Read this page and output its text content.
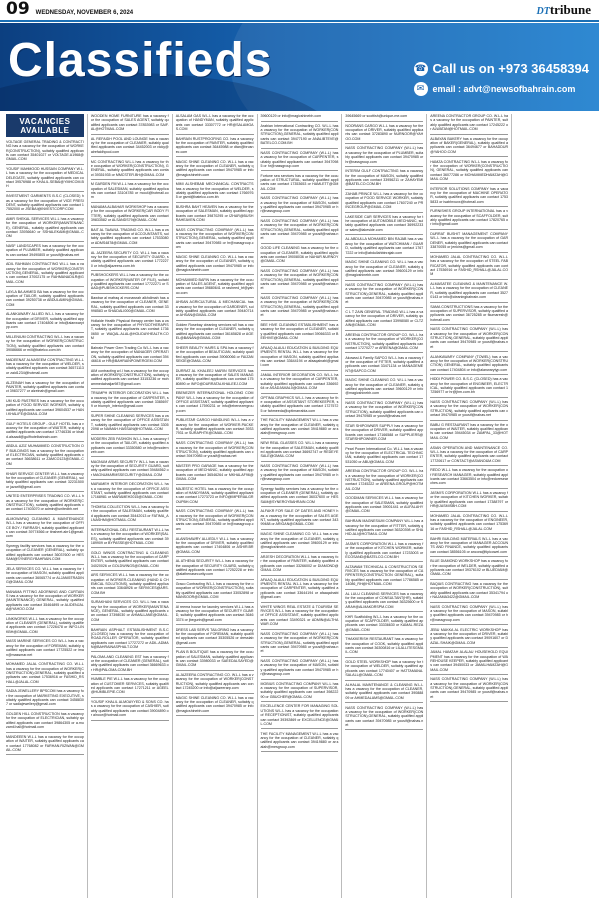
09 WEDNESDAY, NOVEMBER 6, 2024	DTtribune
Classifieds	☎ Call us on +973 36458394
✉ email : advt@newsofbahrain.com
VACANCIES
AVAILABLE

VOLTAGE GENERAL TRADING & CONTRACTING has a vacancy for the occupation of WORKER(CONSTRUCTION), suitably qualified applicants can contact 35401027 or VOLTAGE.A1968@GMAIL.COM

YOUSIF MAHMOOD HUSSAIN COMPANY W.L.L has a vacancy for the occupation of MEDICAL DELEGATE, suitably qualified applicants can contact 39576988 or KHALIL.SEBAI@YMHCOM.BH

INVESTMENT GARMENTS B.S.C (CLOSED) has a vacancy for the occupation of VICE PRESIDENT, suitably qualified applicants can contact 17552000 or JSEBAI@INVESTCORP.COM

AMIR SHEKAL SERVICES W.L.L has a vacancy for the occupation of WORKER(MAINTENANCE), GENERAL, suitably qualified applicants can contact 33936640 or SSHALEKAMI@GMAIL.COM

NASF LANDSCAPES has a vacancy for the occupation of PLUMBER, suitably qualified applicants can contact 39490805 or yousif@nahas.net

ADIL RAHMAN CONTRACTING W.L.L has a vacancy for the occupation of WORKER(CONSTRUCTION),GENERAL, suitably qualified applicants can contact 37002175 or RAHMANADILR@GMAIL.COM

LAYLA BA AHMED BA has a vacancy for the occupation of TAILOR, suitably qualified applicants can contact 39250738 or ABDULAMIN@GMAIL.COM

ALANKAWARY ALLIED W.L.L has a vacancy for the occupation of DRIVER, suitably qualified applicants can contact 17404806 or info@alanwarytyp.com

MILLENIUM CONTRACTING W.L.L has a vacancy for the occupation of WORKER(CONSTRUCTION), suitably qualified applicants can contact 39086666 or mill@batelco.com.bh

MADEENAT ALNASEEM CONTRACTING W.L.L has a vacancy for the occupation of WELDER, suitably qualified applicants can contact 36571113 or zaid1234@hotmail.com

ALZEINAH has a vacancy for the occupation of PAINTER, suitably qualified applicants can contact 39837277 or alzeinah@gmail.com

UM KUD PASTRIES has a vacancy for the occupation of FOOD SERVICE WORKER, suitably qualified applicants can contact 39604537 or HANI.KHALIFE@GMAIL.COM

GULF HOTELS GROUP - GULF HOTEL has a vacancy for the occupation of WAITER, suitably qualified applicants can contact 17746336 or khalid.alsaadi@gulfhotelbahrain.com

ABDUL AZIZ MUHAMMED CONSTRUCTION OF BUILDINGS has a vacancy for the occupation of ELECTRICIAN, suitably qualified applicants can contact 36638611 or ZAMCO123@GMAIL.COM

KHAIR SERVICE CENTER W.L.L has a vacancy for the occupation of CLEANER (GENERAL), suitably qualified applicants can contact 32231500 or jazarifi@gmail.com

UNITED ENTERPRISES TRADING CO. W.L.L has a vacancy for the occupation of WORKER(CONSTRUCTION), suitably qualified applicants can contact 17403070 or admin@unitedbh.net

ALMOWAFAQ CLEANING & MAINTENANCE W.L.L has a vacancy for the occupation of OFFICE BOY / FARRASH, suitably qualified applicants can contact 39774566 or tinsheet.alrr1@gmail.com

Synergy facility services has a vacancy for the occupation of CLEANER (GENERAL), suitably qualified applicants can contact 36037600 or HESSAM@SYNERGYBAHRAIN.COM

JELA SERVICES CO. W.L.L has a vacancy for the occupation of MASON, suitably qualified applicants can contact 36065774 or ALJANI5TRADING@GMAIL.COM

MANAMA FITTING ADORNING AND CURTAINS has a vacancy for the occupation of WORKER(MAINTENANCE) GENERAL, suitably qualified applicants can contact 35464895 or ALIDENJALA@YAHOO.COM

LINKWORKS W.L.L has a vacancy for the occupation of CLEANER (GENERAL), suitably qualified applicants can contact 17226478 or INFO.LINKBH@GMAIL.COM

MASS MARINE SERVICES CO W.L.L has a vacancy for the occupation of FOREMAN, suitably qualified applicants can contact 17725522 or iman@massmar.net

MOHAMED JALAL CONTRACTING CO. W.L.L has a vacancy for the occupation of WORKER(CONSTRUCTION),GENERAL, suitably qualified applicants can contact 17536916 or FASHID_RSHALL@JALAL.COM

SADIA JEWELLERY BPSCOM has a vacancy for the occupation of MARKETING EXECUTIVE, suitably qualified applicants can contact 34588307 or sadiajewellery@gmail.com

GOLDEN HILL CONSTRUCTION has a vacancy for the occupation of ELECTRICIAN, suitably qualified applicants can contact 39864305 or a.muzamil.hall@hotmail.com

MANDEEEN W.L.L has a vacancy for the occupation of WAITER, suitably qualified applicants can contact 17768082 or FARHAN.RIZWAN@GMAIL.COM

WOODEN HOME FURNITURE has a vacancy for the occupation of SALES AGENT, suitably qualified applicants can contact 37853983 or SAIF.AL@HOTMAIL.COM

AL REFAIDH POOL AND LOUNGE has a vacancy for the occupation of CLEANER, suitably qualified applicants can contact 34452003 or vicky@alrefaidhpool.com

MC CONTRACTING W.L.L has a vacancy for the occupation of WORKER(CONSTRUCTION), GENERAL, suitably qualified applicants can contact 39351935 or MMCSTER.BH@GMAIL.COM

M GARDEN FM W.L.L has a vacancy for the occupation of SALESMAN, suitably qualified applicants can contact 33104785 or moo4@hotmail.com

MANAMA ALBAHAR WORKSHOP has a vacancy for the occupation of WORKER(CAR BODY FITTER), suitably qualified applicants can contact 39833582 or ALSANDS79@GMAIL.COM

BAIT AL TAAWUL TRADING CO. W.L.L has a vacancy for the occupation of ACCOUNTANTS, suitably qualified applicants can contact 17533080 or ADMS4878@GMAIL.COM

AL JAZEERA SECURITY CO. W.L.L has a vacancy for the occupation of SECURITY GUARD, suitably qualified applicants can contact 17722270 or info@aljazeera.com.bh

PUBSHOCKERS W.L.L has a vacancy for the occupation of WORKER(WATER OF FILE), suitably qualified applicants can contact 17722271 or SAAD@PUBSHOCKERS.COM

Bawbar al mafraq al monawrah alkhdimah has a vacancy for the occupation of CLEANER, GENERAL, suitably qualified applicants can contact 33998583 or SHAIDALI000@GMAIL.COM

Hollaide Health Physical therapy center has a vacancy for the occupation of PHYSIOTHERAPIST, suitably qualified applicants can contact 17360650 or WAQAL.ALAL@HOLIDAYHEALTH.COM

Bahrain Power Gem Trading Co W.L.L has a vacancy for the occupation of MANAGER OPERATION, suitably qualified applicants can contact 39446616 or HR@BAHRAINPOWERGEM.COM

AIM contracting w.l.l has a vacancy for the occupation of WORKER(CONSTRUCTION), suitably qualified applicants can contact 33153236 or mohammedalnaijar987@gmail.com

TRIUMPH INTERIOR DECORATION W.L.L has a vacancy for the occupation of CARPENTER, suitably qualified applicants can contact 33656979 or triumph_interior@gmail.com

SUPER SHINE CLEANING SERVICES has a vacancy for the occupation of OFFICE ASSISTANT, suitably qualified applicants can contact 33052098 or NAIMAH.HASSAN@HOTMAIL.COM

MODERN ZEB FASHION W.L.L has a vacancy for the occupation of TAILOR, suitably qualified applicants can contact 33350580 or info@modernzeb.com

MAGNUM ARMS SECURITY W.L.L has a vacancy for the occupation of SECURITY GUARD, suitably qualified applicants can contact 39484562 or MAGNUMARMSSECURITY@GMAIL.COM

MARAMEH INTERIOR DECORATION W.L.L has a vacancy for the occupation of OFFICE ASSISTANT, suitably qualified applicants can contact 17168981 or MARAMEH2015@GMAIL.COM

THOMSA COLLECTION W.L.L has a vacancy for the occupation of SALESMAN, suitably qualified applicants can contact 35442013 or FATIMA_ALNASHMI@HOTMAIL.COM

INTERNATIONAL DELI RESTAURANT W.L.L has a vacancy for the occupation of WORKER(SALES), suitably qualified applicants can contact 39189909 or BYPASSE@HOTMAIL.COM

GOLD WINGS CONTRACTING & CLEANING W.L.L has a vacancy for the occupation of CARPENTER, suitably qualified applicants can contact 34020026 or GOLDWINGS@GMAIL.COM

ARS SERVICES W.L.L has a vacancy for the occupation of WORKER-CLEANING (HAND & CHEMICAL SOLUTIONS), suitably qualified applicants can contact 33648926 or SERVICES@ARS.COM.BH

SURAKHANI SERVICES CO. W.L.L has a vacancy for the occupation of WORKER(MAINTENANCE), GENERAL, suitably qualified applicants can contact 37398030 or AHMALLANE@GMAIL.COM

BAHRAIN ASPHALT ESTABLISHMENT B.S.C (CLOSED) has a vacancy for the occupation of ROAD-ROLLER OPERATOR, suitably qualified applicants can contact 17727272 or ADIL.ADMAN@BAHRAINASPHALT.COM

PALOMA AND CLEANING EST has a vacancy for the occupation of CLEANER (GENERAL), suitably qualified applicants can contact 36669633 or HR@PALOMA.COM.BH

HUMBLE PIE W.L.L has a vacancy for the occupation of CUSTOMER SERVICES, suitably qualified applicants can contact 17271211 or AGEEL@HUMBLEPIE.COM

YOUSIF KHALIL ALMOAYYED & SONS CO. has a vacancy for the occupation of CASHIER, suitably qualified applicants can contact 39004890 or alnoor@hotmail.com

ALSALAM GAS W.L.L has a vacancy for the occupation of HANDYMAN, suitably qualified applicants can contact 33307772 or HR@SALAMGAS.COM

BAHRAIN RUSTPROOFING CO. has a vacancy for the occupation of PAINTER, suitably qualified applicants can contact 36445988 or dtan@brusnec.com

MAGIC SHINE CLEANING CO. W.L.L has a vacancy for the occupation of CLEANER, suitably qualified applicants can contact 39470985 or info@magicshinebh.com

MIMI ALSHEBAB MECHANICAL CONTRACTS has a vacancy for the occupation of WELDER, suitably qualified applicants can contact 17669765 or gsmt@batelco.com.bh

BUSHRA BAHT HEAVEN has a vacancy for the occupation of SALESMAN, suitably qualified applicants can contact 39870295 or IZHAR@BUSHRAHEAVEN.COM

NASS CONTRACTING COMPANY (W.L.L) has a vacancy for the occupation of WORKER(CONSTRUCTION),GENERAL, suitably qualified applicants can contact 39470985 or hr@nassgroup.com

MAGIC SHINE CLEANING CO. W.L.L has a vacancy for the occupation of CLEANER, suitably qualified applicants can contact 39470985 or info@magicshinebh.com

MOHAMMED BAFIN has a vacancy for the occupation of SALES AGENT, suitably qualified applicants can contact 39880641 or rasheed_bf@yahoo.com

AHSAN AGRICULTURAL & MECHANICAL has a vacancy for the occupation of GARDENER, suitably qualified applicants can contact 39440714 or AHSAN@GMAIL.COM

Golden Rosebay cleaning services wll has a vacancy for the occupation of CLEANER, suitably qualified applicants can contact 36165828 or AGEEL@BANAN@GMAIL.COM

SHEER BEAUTY HAIRS & SPA has a vacancy for the occupation of BEAUTICIAN, suitably qualified applicants can contact 39060066 or FAIZANSEIGE@GMAIL.COM

DURRAT AL KHALEEJ MARIN SERVICES has a vacancy for the occupation of SALES MANAGER, suitably qualified applicants can contact 17580890 or INFO@DURRATALKHALEEJ.COM

EBENEZER INTERNATIONAL HOLDING COMPANY W.L.L has a vacancy for the occupation of OFFICE ASSISTANT, suitably qualified applicants can contact 17590231 or info@ebenezergroup.com

PUBLISTAR CARGO HANDLING W.L.L has a vacancy for the occupation of WORKER-PACKER, suitably qualified applicants can contact 39337931 or SURAPHTK@GMAIL.COM

NASS CONTRACTING COMPANY (W.L.L) has a vacancy for the occupation of WORKER(CONSTRUCTION), suitably qualified applicants can contact 39470985 or yousif@nahas.net

MASTER PRO GARAGE has a vacancy for the occupation of MECHANIC, suitably qualified applicants can contact 36546264 or MKHALAF96@GMAIL.COM

MAJESTIC HOTEL has a vacancy for the occupation of HANDYMAN, suitably qualified applicants can contact 17273723 or INFO@IMPERIALGROUPBH.COM

NASS CONTRACTING COMPANY (W.L.L) has a vacancy for the occupation of WORKER(CONSTRUCTION),GENERAL, suitably qualified applicants can contact 39470985 or hr@nassgroup.com

ALANSHAWRY ALLIEDLY W.L.L has a vacancy for the occupation of DRIVER, suitably qualified applicants can contact 17404806 or ASHIR.BR@GMAIL.COM

AL ATHENA SECURITY W.L.L has a vacancy for the occupation of SECURITY GUARD, suitably qualified applicants can contact 17252228 or info@alathenasecurity.com

Graco Contracting W.L.L has a vacancy for the occupation of WORKER(CONSTRUCTION), suitably qualified applicants can contact 33052898 or MANSOOR@GMAIL.COM

Al reema house for laundry services W.L.L has a vacancy for the occupation of SECURITY GUARD, suitably qualified applicants can contact 36463374 or jbegurin@gmail.com

DRESS LAB SERVS TAILORING has a vacancy for the occupation of FOREMAN, suitably qualified applicants can contact 35305526 or dresslab@gmail.com

PLAN B BOUTIQUE has a vacancy for the occupation of SALESMAN, suitably qualified applicants can contact 33980033 or SAEEDALSAYED@GMAIL.COM

ALJAZEERA CONTRACTING CO. W.L.L has a vacancy for the occupation of WORKER(CONSTRUCTION), suitably qualified applicants can contact 17245200 or info@aljazeerarp.com

MAGIC SHINE CLEANING CO. W.L.L has a vacancy for the occupation of CLEANER, suitably qualified applicants can contact 39470985 or info@magicshinebh.com

39600129 or info@magicshinebh.com

Arabian International Contracting CO. W.L.L has a vacancy for the occupation of WORKER(CONSTRUCTION),GENERAL, suitably qualified applicants can contact 39477190 or ANALIBTEVE@BATELCO.COM.BH

NASS CONTRACTING COMPANY (W.L.L) has a vacancy for the occupation of CARPENTER, suitably qualified applicants can contact 39470985 or hr@nassgroup.com

Fortune sea services has a vacancy for the occupation of STRUCTURAL, suitably qualified applicants can contact 17353653 or HAMLETT@GMAIL.COM

NASS CONTRACTING COMPANY (W.L.L) has a vacancy for the occupation of MASON, suitably qualified applicants can contact 39470985 or hr@nassgroup.com

NASS CONTRACTING COMPANY (W.L.L) has a vacancy for the occupation of WORKER(CONSTRUCTION),GENERAL, suitably qualified applicants can contact 39470985 or yousif@nahas.net

GOOD LIFE CLEANING has a vacancy for the occupation of CLEANER, suitably qualified applicants can contact 39008036 or NAHAR.NURNOY@GMAIL.COM

NASS CONTRACTING COMPANY (W.L.L) has a vacancy for the occupation of WORKER(CONSTRUCTION),GENERAL, suitably qualified applicants can contact 39470985 or yousif@nahas.net

NASS CONTRACTING COMPANY (W.L.L) has a vacancy for the occupation of WORKER(CONSTRUCTION),GENERAL, suitably qualified applicants can contact 39470985 or yousif@nahas.net

BEE HIVE CLEANING ESTABLISHMENT has a vacancy for the occupation of CLEANER, suitably qualified applicants can contact 39066333 or BEEHIVE@GMAIL.COM

AFAAQ ALAULI EDUCATION & BUILDING EQUIPMENTS RENTAL W.L.L has a vacancy for the occupation of MASON, suitably qualified applicants can contact 33644194 or afaaqalnabi@gmail.com

JAMAL INTERIOR DECORATION CO. W.L.L has a vacancy for the occupation of CARPENTER, suitably qualified applicants can contact 33669264 or ASADJAMAL0@GMAIL.COM

OPTIMA GRAPHICS W.L.L has a vacancy for the occupation of ASSISTANT STOREKEEPER, suitably qualified applicants can contact 17275725 or fahmeeda@optimarrabia.com

THE FACILITY MANAGEMENT W.L.L has a vacancy for the occupation of CLEANER, suitably qualified applicants can contact 39419880 or ar.salah@mesgroup.com

NEW REAL GLASSES CO. W.L.L has a vacancy for the occupation of SALESMAN, suitably qualified applicants can contact 36692747 or REDEYESALE@GMAIL.COM

NASS CONTRACTING COMPANY (W.L.L) has a vacancy for the occupation of MASON, suitably qualified applicants can contact 39470985 or hr@nassgroup.com

Synergy facility services has a vacancy for the occupation of CLEANER (GENERAL), suitably qualified applicants can contact 36037600 or HESSAM@SYNERGYBAHRAIN.COM

ALFAKR FOR SALE OF DATES AND HONEY has a vacancy for the occupation of SALES AGENT, suitably qualified applicants can contact 34399488 or ARIGAN@GMAIL.COM

MAGIC SHINE CLEANING CO. W.L.L has a vacancy for the occupation of CLEANER, suitably qualified applicants can contact 39600129 or info@magicshinebh.com

ARJESH DECORATION W.L.L has a vacancy for the occupation of PAINTER, suitably qualified applicants can contact 33266002 or DIAMOND@GMAIL.COM

AFAAQ ALAULI EDUCATION & BUILDING EQUIPMENTS RENTAL W.L.L has a vacancy for the occupation of CARPENTER, suitably qualified applicants can contact 33644194 or afaaqalnabi@gmail.com

WHITE WINGS REAL ESTATE & TOURISM SERVICES W.L.L has a vacancy for the occupation of OFFICE ASSISTANT, suitably qualified applicants can contact 33490321 or ADMIN@ALTHAWAR.COM

NASS CONTRACTING COMPANY (W.L.L) has a vacancy for the occupation of WORKER(CONSTRUCTION),GENERAL, suitably qualified applicants can contact 39470985 or yousif@nahas.net

NASS CONTRACTING COMPANY (W.L.L) has a vacancy for the occupation of MASON, suitably qualified applicants can contact 39470985 or hr@nassgroup.com

MOBIUS CONTRACTING COMPANY W.L.L has a vacancy for the occupation of SUPERVISOR, suitably qualified applicants can contact 39822290 or GBUCHER@GMAIL.COM

EXCELLENCE CENTER FOR MANAGING SOLUTIONS W.L.L has a vacancy for the occupation of RECEPTIONIST, suitably qualified applicants can contact 39392869 or EXCELLENCE@GMAIL.COM

THE FACILITY MANAGEMENT W.L.L has a vacancy for the occupation of CLEANER, suitably qualified applicants can contact 39419880 or ar.salah@mesgroup.com

39645669 or scottish@unique-me.com

NOORANS CARGO W.L.L has a vacancy for the occupation of DRIVER, suitably qualified applicants can contact 37283890 or NURNOOR@YAHOO.COM

NASS CONTRACTING COMPANY (W.L.L) has a vacancy for the occupation of PLUMBER, suitably qualified applicants can contact 39470985 or hr@nassgroup.com

INTERIM GULF CONTRACTING has a vacancy for the occupation of MASON, suitably qualified applicants can contact 33956211 or ZAHAYEMI@BATELCO.COM.BH

ZAHAB PRINCE W.L.L has a vacancy for the occupation of FOOD SERVICE WORKER, suitably qualified applicants can contact 17607240 or PRINCEGROUP@GMAIL.COM

LAKESIDE CAR SERVICES has a vacancy for the occupation of AUTOMOBILE MECHANIC, suitably qualified applicants can contact 36992233 or sales@lakeside.com

AL ABDULLA MOHAMED BIN RAJAB has a vacancy for the occupation of WATCHMAN / GUARD, suitably qualified applicants can contact 17677222 or info@abdullahbinrajab.com

MAGIC SHINE CLEANING CO. W.L.L has a vacancy for the occupation of CLEANER, suitably qualified applicants can contact 39600129 or info@magicshinebh.com

NASS CONTRACTING COMPANY (W.L.L) has a vacancy for the occupation of WORKER(CONSTRUCTION),GENERAL, suitably qualified applicants can contact 39470985 or yousif@nahas.net

C L T ZAIN GENERAL TRADING W.L.L has a vacancy for the occupation of DRIVER, suitably qualified applicants can contact 33998080 or CLTZAIN@GMAIL.COM

AREENA CONTRACTOR GROUP CO. W.L.L has a vacancy for the occupation of WORKER(CONSTRUCTION), suitably qualified applicants can contact 17270277 or AREENA@GMAIL.COM

Akowssi & Family SAPCO W.L.L has a vacancy for the occupation of FITTER, suitably qualified applicants can contact 33471134 or MANAGEMENT@SAPCO.COM

MAGIC SHINE CLEANING CO. W.L.L has a vacancy for the occupation of CLEANER, suitably qualified applicants can contact 39600129 or info@magicshinebh.com

NASS CONTRACTING COMPANY (W.L.L) has a vacancy for the occupation of WORKER(CONSTRUCTION), suitably qualified applicants can contact 39470985 or yousif@nahas.net

STAR SHIPOWNER SUPPLY has a vacancy for the occupation of DRIVER, suitably qualified applicants can contact 17166588 or SUPPLIERS@STARSHIPOWNER.COM

Pearl Power International Co. W.L.L has a vacancy for the occupation of ELECTRICAL TECHNICIAN, suitably qualified applicants can contact 17531050 or ABU@GMAIL.COM

AREENA CONTRACTOR GROUP CO. W.L.L has a vacancy for the occupation of WORKER(CONSTRUCTION), suitably qualified applicants can contact 17245222 or AREENA.GROUP@HOTMAIL.COM

GOODMAN SERVICES W.L.L has a vacancy for the occupation of SALESMAN, suitably qualified applicants can contact 39001441 or ALIFALAHY@GMAIL.COM

BAHRAIN MAGNESIUM COMPANY W.L.L has a vacancy for the occupation of FITTER, suitably qualified applicants can contact 36320398 or SHAHID.ALI@HOTMAIL.COM

JASMI'S CORPORATION W.L.L has a vacancy for the occupation of KITCHEN WORKER, suitably qualified applicants can contact 17233003 or ECOSAND@BATELCO.COM.BH

ALTAWAM TECHNICAL & CONSTRUCTION SERVICES has a vacancy for the occupation of CARPENTER(CONSTRUCTION GENERAL), suitably qualified applicants can contact 17786585 or 14086_RH@HOTMAIL.COM

AL LULU CLEANING SERVICES has a vacancy for the occupation of CONSULTANT(HR), suitably qualified applicants can contact 36325600 or SARAH@ALMAKDRSPM.COM

KHR Scaffolding W.L.L has a vacancy for the occupation of SCAFFOLDER, suitably qualified applicants can contact 33336630 or KAMAL.REZA@GMAIL.COM

THAKKERISH RESTAURANT has a vacancy for the occupation of COOK, suitably qualified applicants can contact 36300816 or LILALLITESGMAIL.COM

GOLD STEEL WORKSHOP has a vacancy for the occupation of WELDER, suitably qualified applicants can contact 17740407 or HATTAMANA.SALALL@GMAIL.COM

ALHALAL MAINTENANCE & CLEANING W.L.L has a vacancy for the occupation of CLEANER, suitably qualified applicants can contact 39088809 or AHMEDALAMS@GMAIL.COM

NASS CONTRACTING COMPANY (W.L.L) has a vacancy for the occupation of WORKER(CONSTRUCTION),GENERAL, suitably qualified applicants can contact 39470985 or yousif@nahas.net

AREENA CONTRACTOR GROUP CO. W.L.L has a vacancy for the occupation of PAINTER, suitably qualified applicants can contact 17245222 or ALWATAN@HOTMAIL.COM

ALBAYAN BAKERY has a vacancy for the occupation of BAKER(GENERAL), suitably qualified applicants can contact 36494677 or BAHADDUR@YAHOO.COM

HAMZA CONTRACTING W.L.L has a vacancy for the occupation of WORKER(CONSTRUCTION), GENERAL, suitably qualified applicants can contact 36077286 or MOHAMMEDHAMZAH@GMAIL.COM

INTERIOR SOLUTIONS COMPANY has a vacancy for the occupation of MACHINE OPERATOR, suitably qualified applicants can contact 17535833 or isabhrxuxx@hotmail.com

FURNISHES GROUP INTERNATIONAL has a vacancy for the occupation of SCAFFOLDER, suitably qualified applicants can contact 17820765 or info@gmail.com

DURRAT BUSHIT MANAGEMENT COMPANY W.L.L has a vacancy for the occupation of GARDENER, suitably qualified applicants can contact 33870055 or jenkins@gmail.com

MOHAMED JALAL CONTRACTING CO. W.L.L has a vacancy for the occupation of STEEL FABRICATOR, suitably qualified applicants can contact 17536916 or FASHID_RSHALL@JALAL.COM

ALMASATEE CLEANING & MAINTENANCE W.L.L has a vacancy for the occupation of CLEANER, suitably qualified applicants can contact 35270143 or info@cleaningbahrain.com

SAMA CONSTRUCTIONS has a vacancy for the occupation of SUPERVISOR, suitably qualified applicants can contact 36725285 or fkumaresh@hotmail.com

NASS CONTRACTING COMPANY (W.L.L) has a vacancy for the occupation of WORKER(CONSTRUCTION),GENERAL, suitably qualified applicants can contact 39470985 or yousif@nahas.net

ALANKAWARY COMPANY (TOWEL) has a vacancy for the occupation of WORKER(CONSTRUCTION) GENERAL, suitably qualified applicants can contact 17404804 or info@alanwarytyp.com

HIDDI POWER CO. B.S.C. (CLOSED) has a vacancy for the occupation of ENGINEER, ELECTRICAL, suitably qualified applicants can contact 17256977 or hr@jhm.com.bh

NASS CONTRACTING COMPANY (W.L.L) has a vacancy for the occupation of WORKER(CONSTRUCTION), suitably qualified applicants can contact 39470985 or yousif@nahas.net

BABU G RESTAURANT has a vacancy for the occupation of WAITER, suitably qualified applicants can contact 39445034 or ZAMPAL_33@HOTMAIL.COM

ASIAN OPERATION AND MAINTENANCE CO. W.L.L has a vacancy for the occupation of CARPENTER, suitably qualified applicants can contact 17720617 or CONTACT@ASIANO&M.COM

REDO W.L.L has a vacancy for the occupation of RESEARCH MANAGER, suitably qualified applicants can contact 33663504 or info@redoresearches.com

JASMI'S CORPORATION W.L.L has a vacancy for the occupation of KITCHEN WORKER, suitably qualified applicants can contact 17388797 or HR@JASMISBH.COM

MOHAMED JALAL CONTRACTING CO. W.L.L has a vacancy for the occupation of ENGINEER, suitably qualified applicants can contact 17536916 or FASHID_RSHALL@JALAL.COM

BAHRI BUILDING MATERIALS W.L.L has a vacancy for the occupation of MANAGER ACCOUNTS AND FINANCE, suitably qualified applicants can contact 38556105 or ancora@tipicowel.com

BLUE DIAMOND WORKSHOP has a vacancy for the occupation of WELDER, suitably qualified applicants can contact 39376102 or BLUEDIAM@GMAIL.COM

BAQIAS CONTRACTING has a vacancy for the occupation of WORKER(CONSTRUCTION), suitably qualified applicants can contact 35341794 or NAJAMA3422@GMAIL.COM

NASS CONTRACTING COMPANY (W.L.L) has a vacancy for the occupation of MASON, suitably qualified applicants can contact 39470985 or hr@nassgroup.com

JEBU MAKKA AL ELECTRIC WORKSHOP has a vacancy for the occupation of DRIVER, suitably qualified applicants can contact 39091607 or DAZAL.SHAIK@GMAIL.COM

JAMAL HAMZAH ALALAU HOUSEHOLD EQUIPMENT has a vacancy for the occupation of WAREHOUSE KEEPER, suitably qualified applicants can contact 39450033 or JAMALHAMZAH@GMAIL.COM

NASS CONTRACTING COMPANY (W.L.L) has a vacancy for the occupation of WORKER(CONSTRUCTION),GENERAL, suitably qualified applicants can contact 39470985 or yousif@nahas.net
